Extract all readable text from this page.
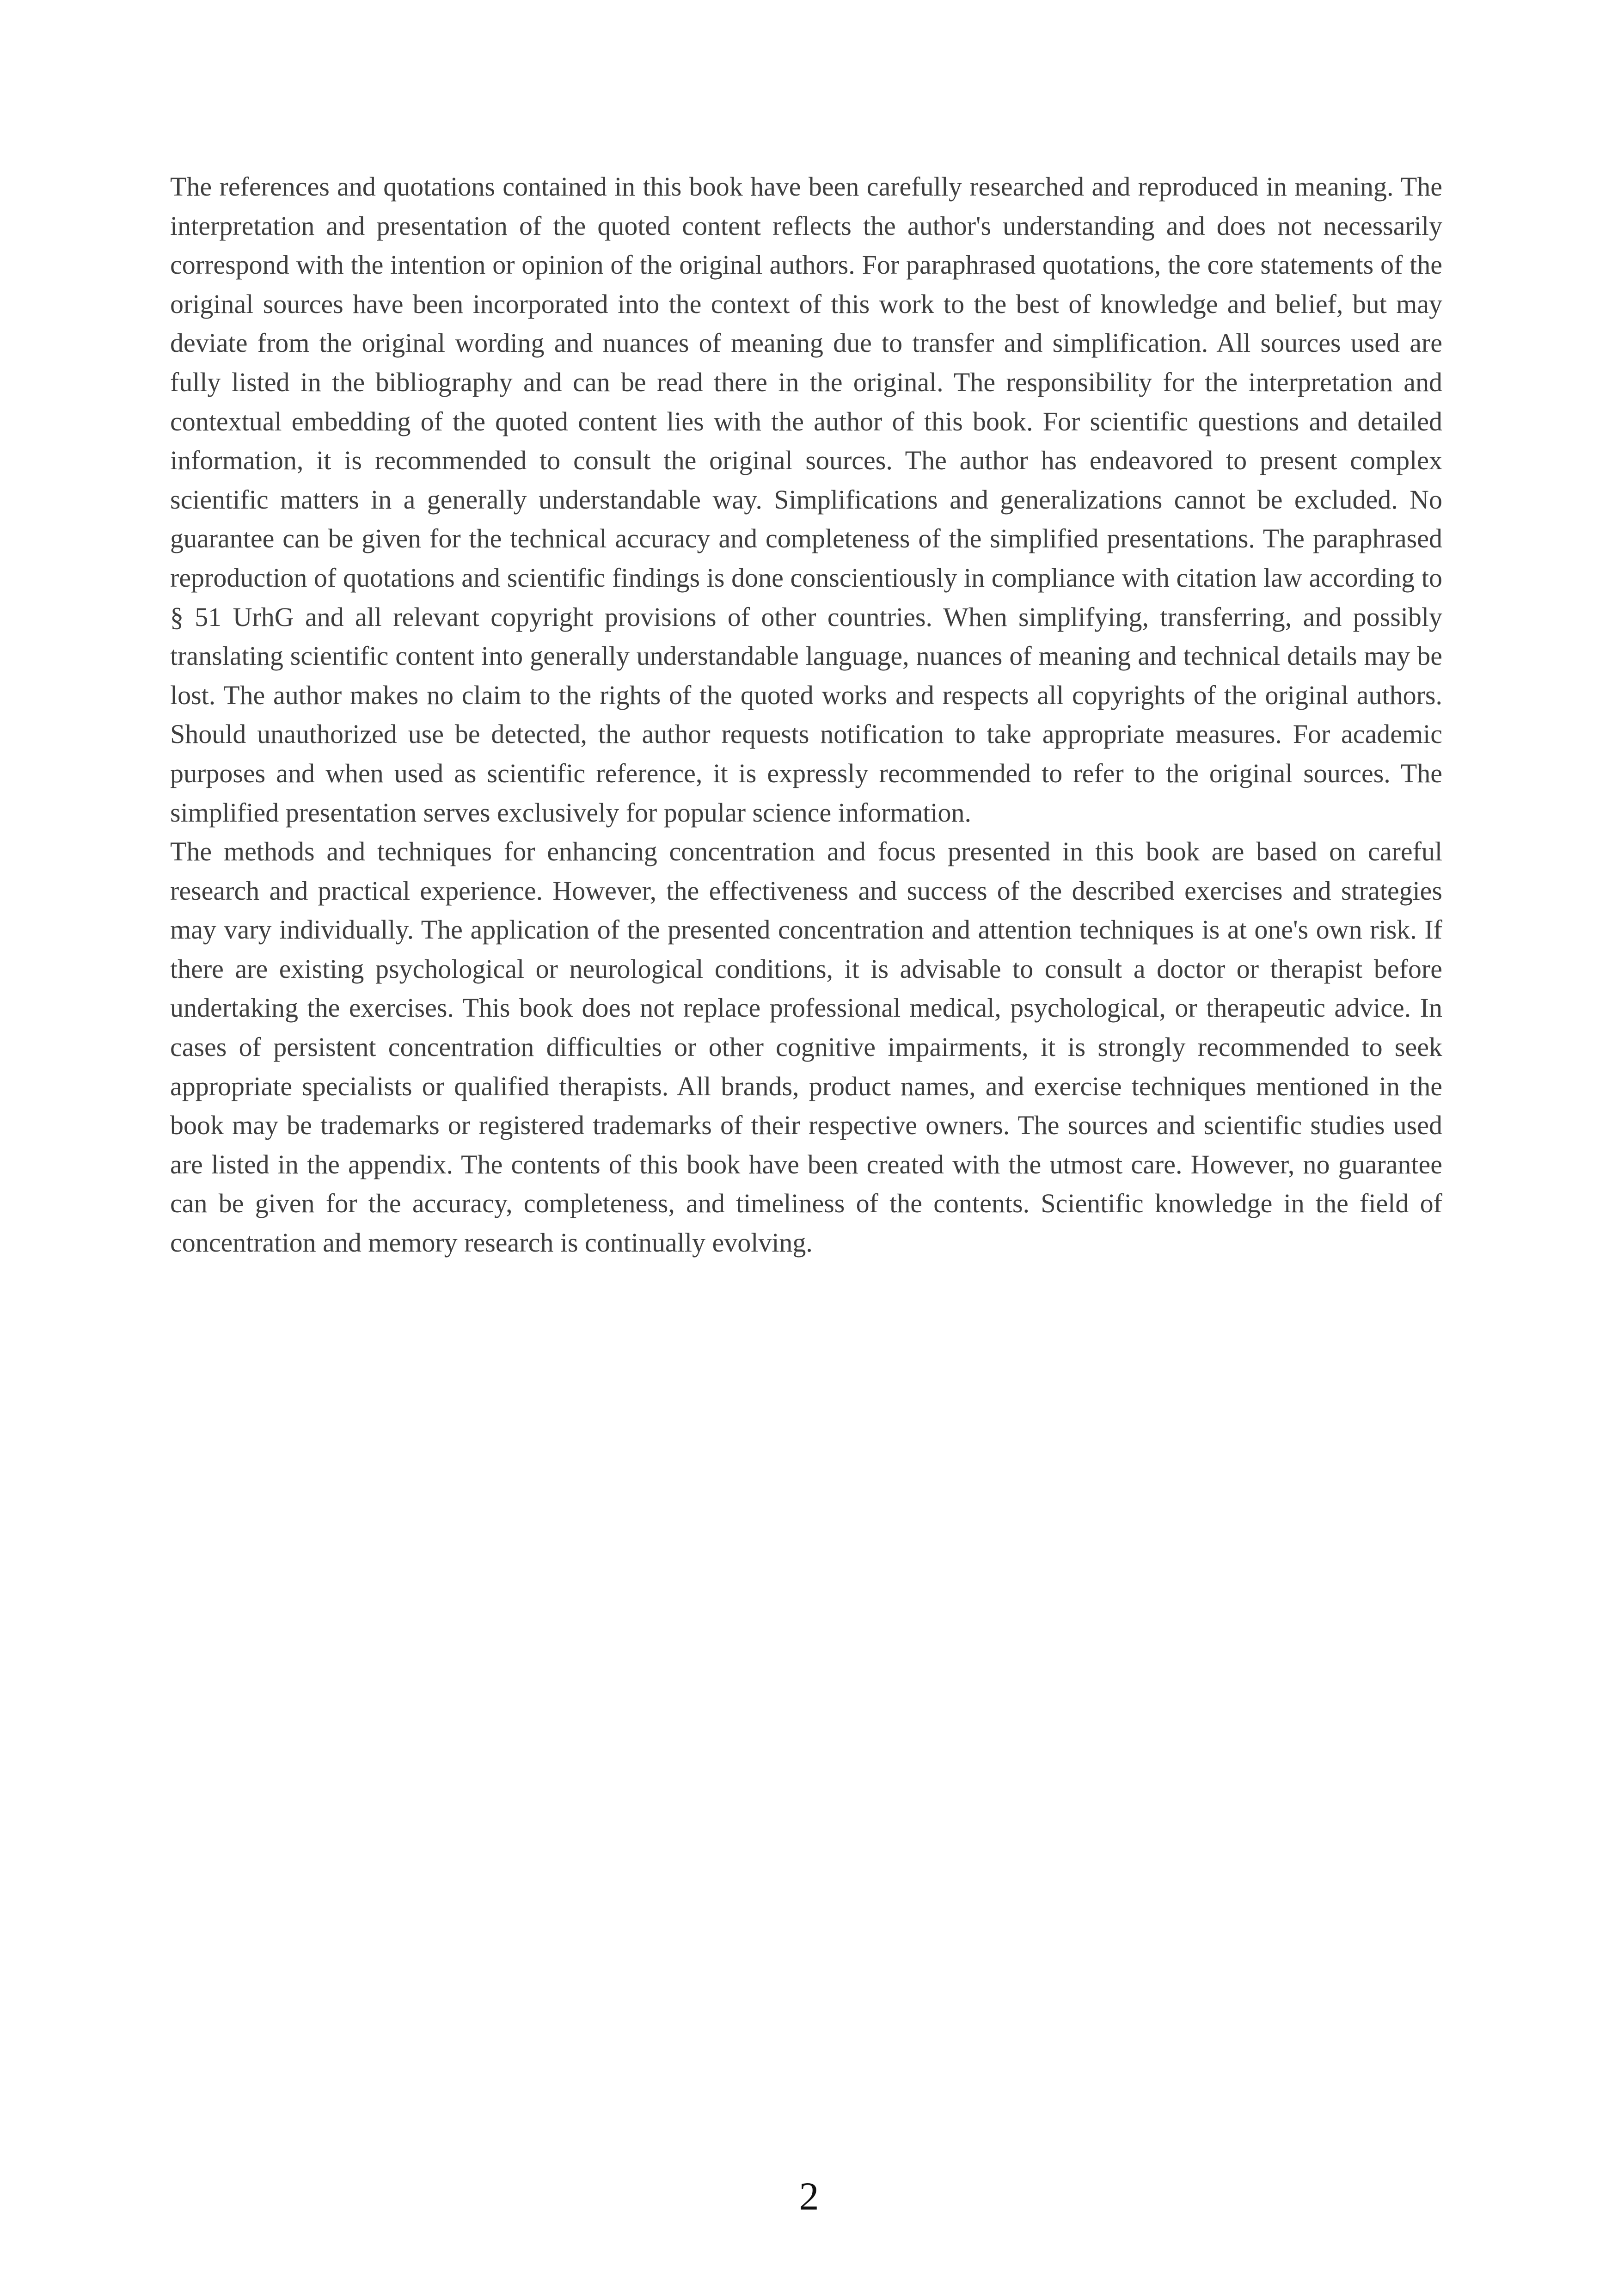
The references and quotations contained in this book have been carefully researched and reproduced in meaning. The interpretation and presentation of the quoted content reflects the author's understanding and does not necessarily correspond with the intention or opinion of the original authors. For paraphrased quotations, the core statements of the original sources have been incorporated into the context of this work to the best of knowledge and belief, but may deviate from the original wording and nuances of meaning due to transfer and simplification. All sources used are fully listed in the bibliography and can be read there in the original. The responsibility for the interpretation and contextual embedding of the quoted content lies with the author of this book. For scientific questions and detailed information, it is recommended to consult the original sources. The author has endeavored to present complex scientific matters in a generally understandable way. Simplifications and generalizations cannot be excluded. No guarantee can be given for the technical accuracy and completeness of the simplified presentations. The paraphrased reproduction of quotations and scientific findings is done conscientiously in compliance with citation law according to § 51 UrhG and all relevant copyright provisions of other countries. When simplifying, transferring, and possibly translating scientific content into generally understandable language, nuances of meaning and technical details may be lost. The author makes no claim to the rights of the quoted works and respects all copyrights of the original authors. Should unauthorized use be detected, the author requests notification to take appropriate measures. For academic purposes and when used as scientific reference, it is expressly recommended to refer to the original sources. The simplified presentation serves exclusively for popular science information.

The methods and techniques for enhancing concentration and focus presented in this book are based on careful research and practical experience. However, the effectiveness and success of the described exercises and strategies may vary individually. The application of the presented concentration and attention techniques is at one's own risk. If there are existing psychological or neurological conditions, it is advisable to consult a doctor or therapist before undertaking the exercises. This book does not replace professional medical, psychological, or therapeutic advice. In cases of persistent concentration difficulties or other cognitive impairments, it is strongly recommended to seek appropriate specialists or qualified therapists. All brands, product names, and exercise techniques mentioned in the book may be trademarks or registered trademarks of their respective owners. The sources and scientific studies used are listed in the appendix. The contents of this book have been created with the utmost care. However, no guarantee can be given for the accuracy, completeness, and timeliness of the contents. Scientific knowledge in the field of concentration and memory research is continually evolving.

2
